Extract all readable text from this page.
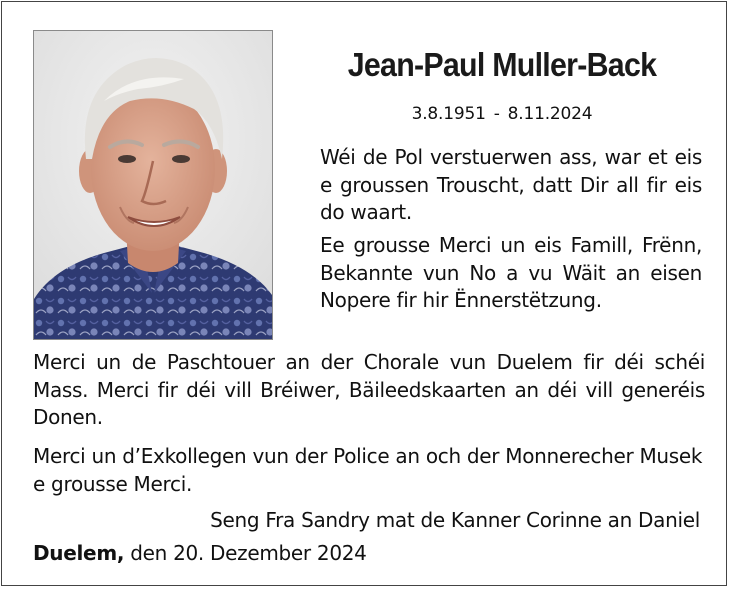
Jean-Paul Muller-Back
3.8.1951 - 8.11.2024

Wéi de Pol verstuerwen ass, war et eis e groussen Trouscht, datt Dir all fir eis do waart.

Ee grousse Merci un eis Famill, Frënn, Bekannte vun No a vu Wäit an eisen Nopere fir hir Ënnerstëtzung.

Merci un de Paschtouer an der Chorale vun Duelem fir déi schéi Mass. Merci fir déi vill Bréiwer, Bäileedskaarten an déi vill generéis Donen.

Merci un d’Exkollegen vun der Police an och der Monnerecher Musek e grousse Merci.

Seng Fra Sandry mat de Kanner Corinne an Daniel
Duelem, den 20. Dezember 2024
